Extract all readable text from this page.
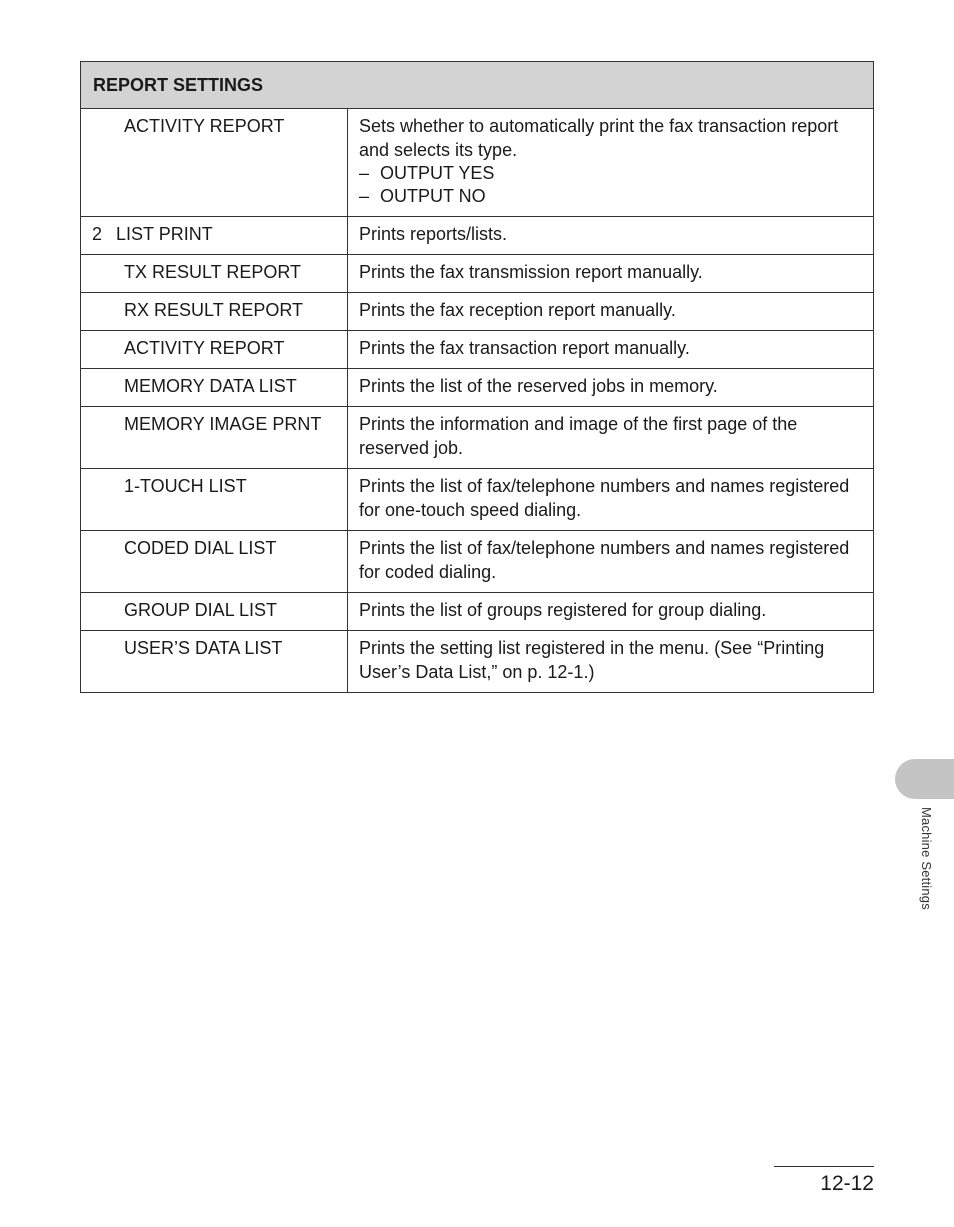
REPORT SETTINGS	
ACTIVITY REPORT	Sets whether to automatically print the fax transaction report and selects its type.
– OUTPUT YES
– OUTPUT NO

2 LIST PRINT	Prints reports/lists.

TX RESULT REPORT	Prints the fax transmission report manually.

RX RESULT REPORT	Prints the fax reception report manually.

ACTIVITY REPORT	Prints the fax transaction report manually.

MEMORY DATA LIST	Prints the list of the reserved jobs in memory.

MEMORY IMAGE PRNT	Prints the information and image of the first page of the reserved job.

1-TOUCH LIST	Prints the list of fax/telephone numbers and names registered for one-touch speed dialing.

CODED DIAL LIST	Prints the list of fax/telephone numbers and names registered for coded dialing.

GROUP DIAL LIST	Prints the list of groups registered for group dialing.

USER’S DATA LIST	Prints the setting list registered in the menu. (See “Printing User’s Data List,” on p. 12-1.)
Machine Settings
12-12
